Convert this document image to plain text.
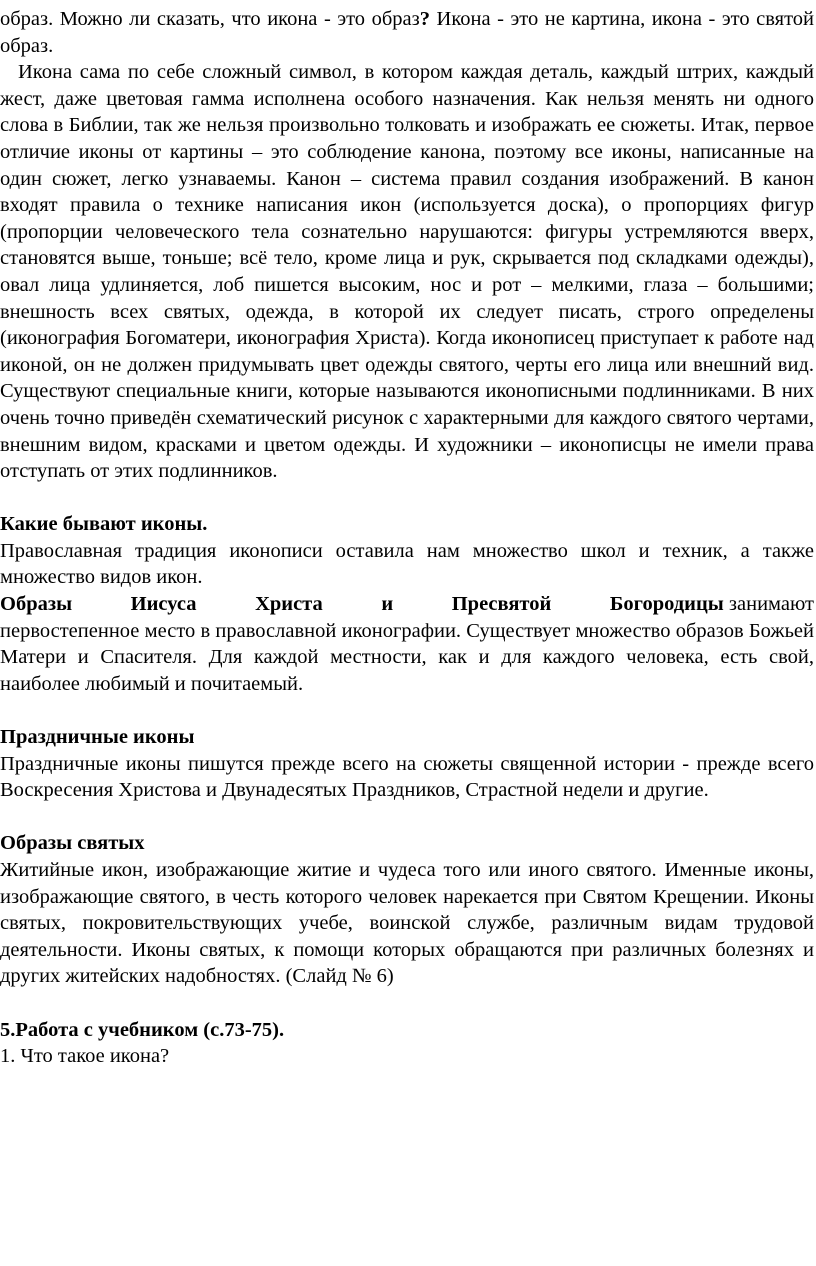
образ. Можно ли сказать, что икона - это образ? Икона - это не картина, икона - это святой образ.

Икона сама по себе сложный символ, в котором каждая деталь, каждый штрих, каждый жест, даже цветовая гамма исполнена особого назначения. Как нельзя менять ни одного слова в Библии, так же нельзя произвольно толковать и изображать ее сюжеты. Итак, первое отличие иконы от картины – это соблюдение канона, поэтому все иконы, написанные на один сюжет, легко узнаваемы. Канон – система правил создания изображений. В канон входят правила о технике написания икон (используется доска), о пропорциях фигур (пропорции человеческого тела сознательно нарушаются: фигуры устремляются вверх, становятся выше, тоньше; всё тело, кроме лица и рук, скрывается под складками одежды), овал лица удлиняется, лоб пишется высоким, нос и рот – мелкими, глаза – большими; внешность всех святых, одежда, в которой их следует писать, строго определены (иконография Богоматери, иконография Христа). Когда иконописец приступает к работе над иконой, он не должен придумывать цвет одежды святого, черты его лица или внешний вид. Существуют специальные книги, которые называются иконописными подлинниками. В них очень точно приведён схематический рисунок с характерными для каждого святого чертами, внешним видом, красками и цветом одежды. И художники – иконописцы не имели права отступать от этих подлинников.

Какие бывают иконы.

Православная традиция иконописи оставила нам множество школ и техник, а также множество видов икон.

Образы	Иисуса	Христа	и	Пресвятой	Богородицы занимают

первостепенное место в православной иконографии. Существует множество образов Божьей Матери и Спасителя. Для каждой местности, как и для каждого человека, есть свой, наиболее любимый и почитаемый.

Праздничные иконы

Праздничные иконы пишутся прежде всего на сюжеты священной истории - прежде всего Воскресения Христова и Двунадесятых Праздников, Страстной недели и другие.

Образы святых

Житийные икон, изображающие житие и чудеса того или иного святого. Именные иконы, изображающие святого, в честь которого человек нарекается при Святом Крещении. Иконы святых, покровительствующих учебе, воинской службе, различным видам трудовой деятельности. Иконы святых, к помощи которых обращаются при различных болезнях и других житейских надобностях. (Слайд № 6)

5.Работа с учебником (с.73-75).

1. Что такое икона?
